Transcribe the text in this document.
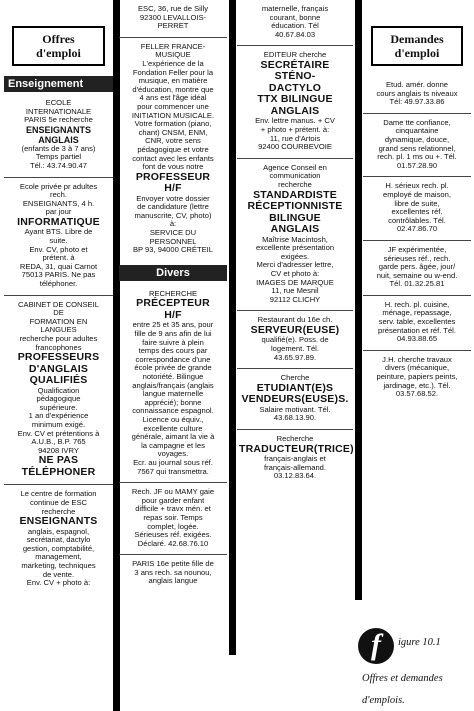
Offres
d'emploi
Enseignement

ECOLE
INTERNATIONALE
PARIS 5e recherche

ENSEIGNANTS
ANGLAIS

(enfants de 3 à 7 ans)
Temps partiel
Tél.: 43.74.90.47

Ecole privée pr adultes
rech.
ENSEIGNANTS, 4 h.
par jour

INFORMATIQUE

Ayant BTS. Libre de
suite.
Env. CV, photo et
prétent. à
REDA, 31, quai Carnot
75013 PARIS. Ne pas
téléphoner.

CABINET DE CONSEIL
DE
FORMATION EN
LANGUES
recherche pour adultes
francophones

PROFESSEURS
D'ANGLAIS
QUALIFIÉS

Qualification
pédagogique
supérieure.
1 an d'expérience
minimum exigé.
Env. CV et prétentions à
A.U.B., B.P. 765
94208 IVRY

NE PAS
TÉLÉPHONER

Le centre de formation
continue de ESC
recherche

ENSEIGNANTS

anglais, espagnol,
secrétariat, dactylo
gestion, comptabilité,
management,
marketing, techniques
de vente.
Env. CV + photo à:

ESC, 36, rue de Silly
92300 LEVALLOIS-
PERRET

FELLER FRANCE-
MUSIQUE
L'expérience de la
Fondation Feller pour la
musique, en matière
d'éducation, montre que
4 ans est l'âge idéal
pour commencer une
INITIATION MUSICALE.
Votre formation (piano,
chant) CNSM, ENM,
CNR, votre sens
pédagogique et votre
contact avec les enfants
font de vous notre

PROFESSEUR
H/F

Envoyer votre dossier
de candidature (lettre
manuscrite, CV, photo)
à:
SERVICE DU
PERSONNEL
BP 93, 94000 CRÉTEIL

Divers

RECHERCHE

PRÉCEPTEUR
H/F

entre 25 et 35 ans, pour
fille de 9 ans afin de lui
faire suivre à plein
temps des cours par
correspondance d'une
école privée de grande
notoriété. Bilingue
anglais/français (anglais
langue maternelle
apprécié); bonne
connaissance espagnol.
Licence ou équiv.,
excellente culture
générale, aimant la vie à
la campagne et les
voyages.
Ecr. au journal sous réf.
7567 qui transmettra.

Rech. JF ou MAMY gaie
pour garder enfant
difficile + travx mén. et
repas soir. Temps
complet, logée.
Sérieuses réf. exigées.
Déclaré. 42.68.76.10

PARIS 16e petite fille de
3 ans rech. sa nounou,
anglais langue

maternelle, français
courant, bonne
éducation. Tél
40.67.84.03

EDITEUR cherche

SECRÉTAIRE
STÉNO-
DACTYLO
TTX BILINGUE
ANGLAIS

Env. lettre manus. + CV
+ photo + prétent. à:
11, rue d'Artois
92400 COURBEVOIE

Agence Conseil en
communication
recherche

STANDARDISTE
RÉCEPTIONNISTE
BILINGUE
ANGLAIS

Maîtrise Macintosh,
excellente présentation
exigées.
Merci d'adresser lettre,
CV et photo à:
IMAGES DE MARQUE
11, rue Mesnil
92112 CLICHY

Restaurant du 16e ch.

SERVEUR(EUSE)

qualifié(e). Poss. de
logement. Tél.
43.65.97.89.

Cherche

ETUDIANT(E)S
VENDEURS(EUSE)S.

Salaire motivant. Tél.
43.68.13.90.

Recherche

TRADUCTEUR(TRICE)

français-anglais et
français-allemand.
03.12.83.64.

Demandes
d'emploi

Etud. amér. donne
cours anglais ts niveaux
Tél: 49.97.33.86

Dame tte confiance,
cinquantaine
dynamique, douce,
grand sens relationnel,
rech. pl. 1 ms ou +. Tél.
01.57.28.90

H. sérieux rech. pl.
employé de maison,
libre de suite,
excellentes réf.
contrôlables. Tél.
02.47.86.70

JF expérimentée,
sérieuses réf., rech.
garde pers. âgée, jour/
nuit, semaine ou w-end.
Tél. 01.32.25.81

H. rech. pl. cuisine,
ménage, repassage,
serv. table, excellentes
présentation et réf. Tél.
04.93.88.65

J.H. cherche travaux
divers (mécanique,
peinture, papiers peints,
jardinage, etc.). Tél.
03.57.68.52.

f	igure 10.1
Offres et demandes
d'emplois.
